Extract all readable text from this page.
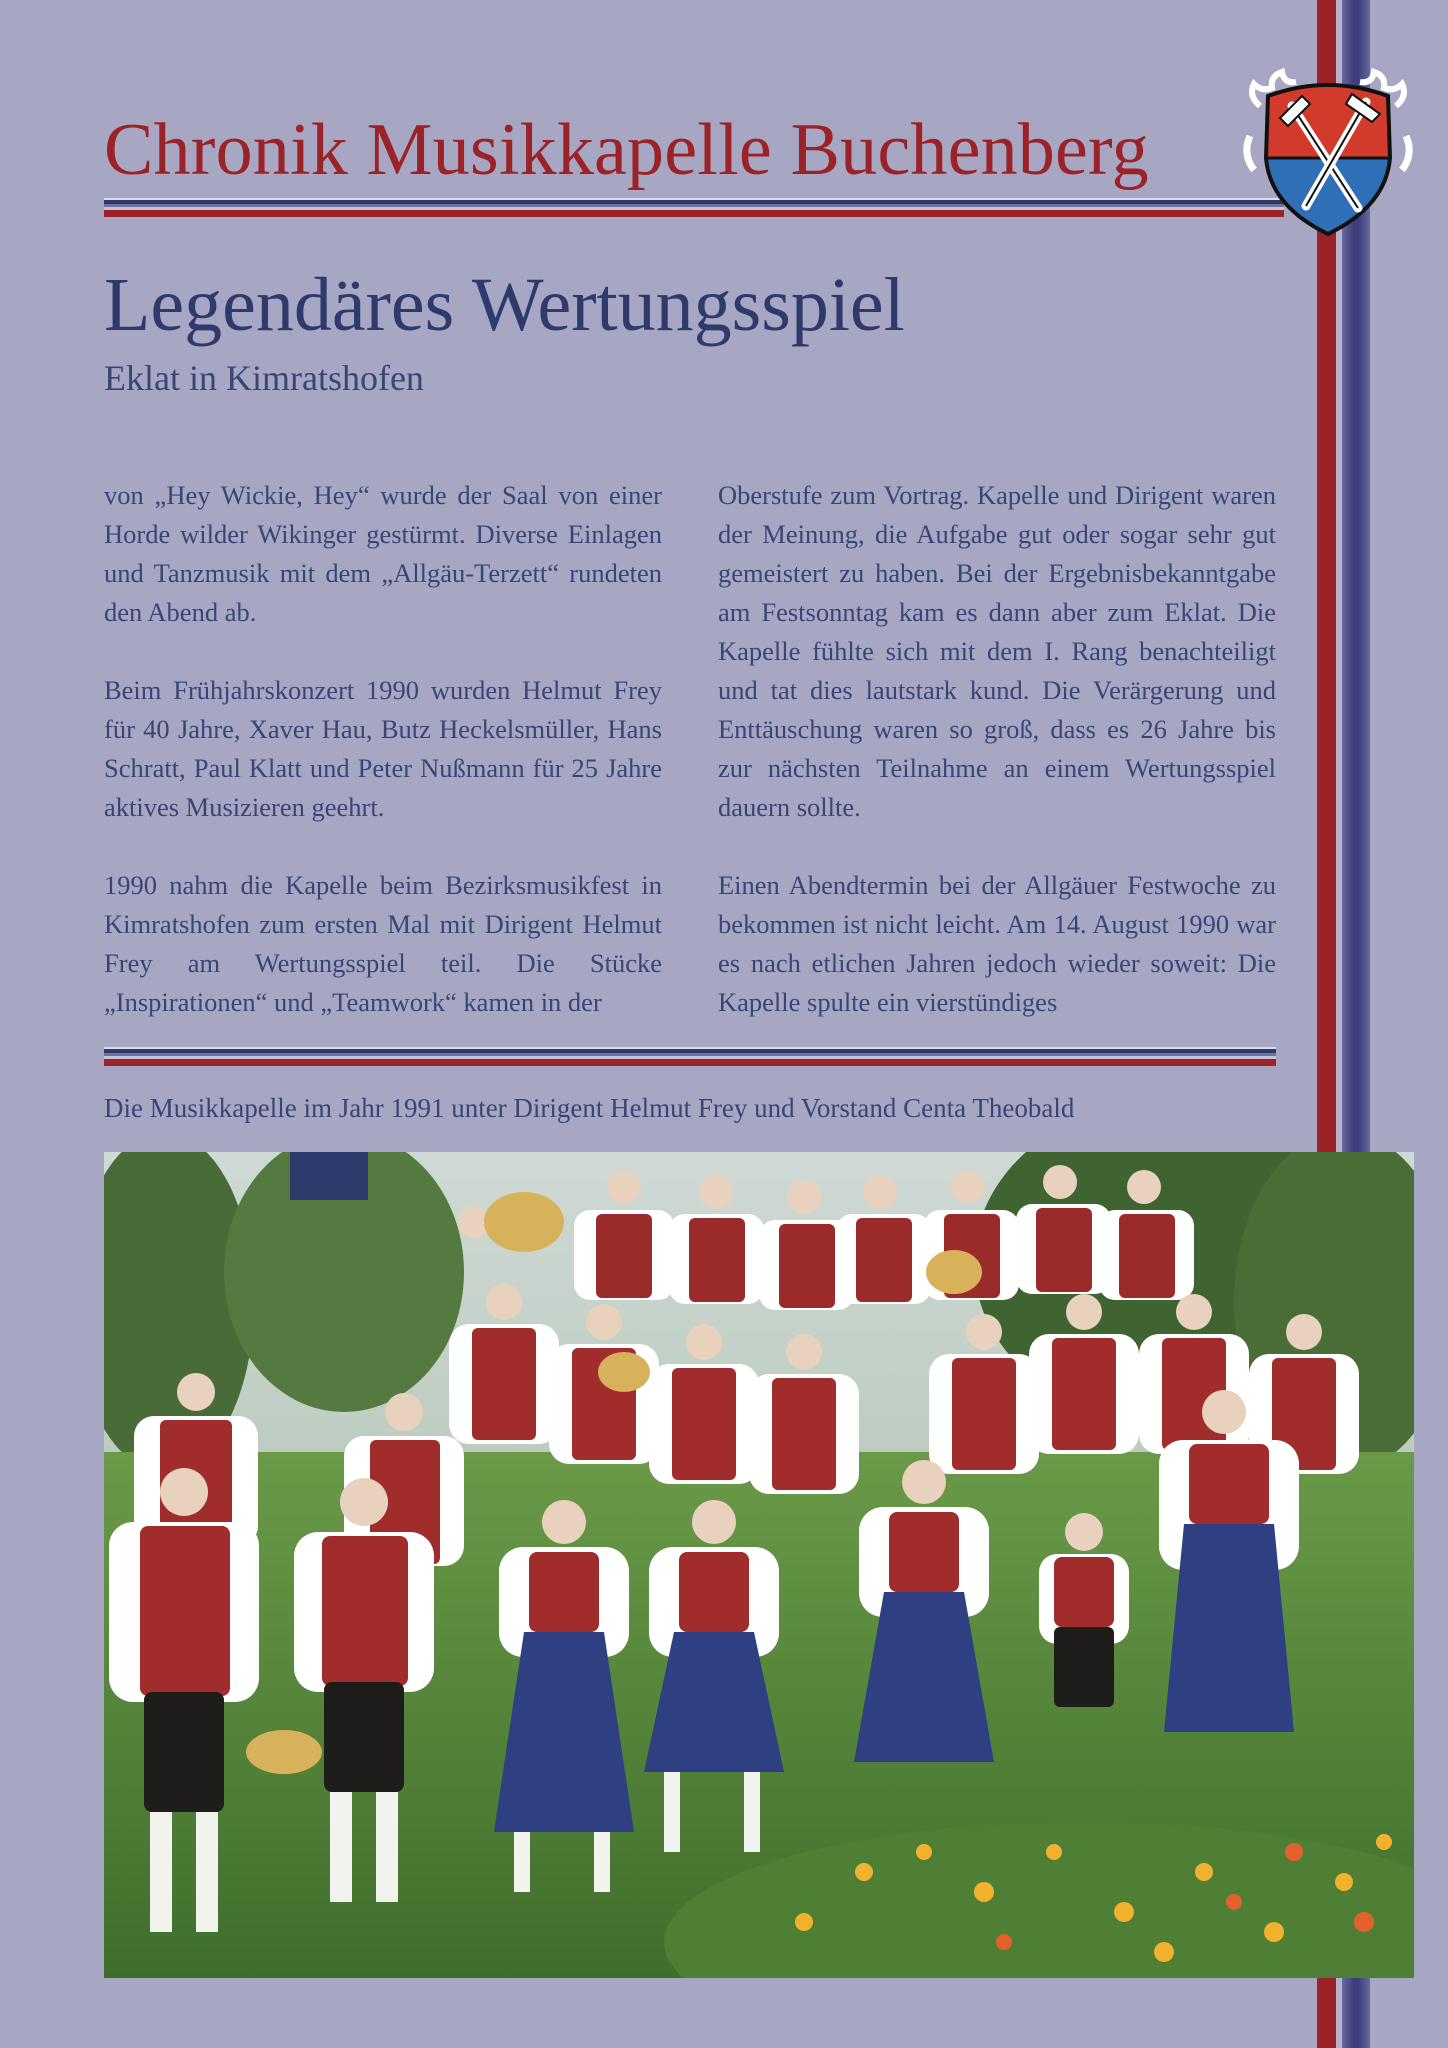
Chronik Musikkapelle Buchenberg
Legendäres Wertungsspiel
Eklat in Kimratshofen

von „Hey Wickie, Hey“ wurde der Saal von einer Horde wilder Wikinger gestürmt. Diverse Einlagen und Tanzmusik mit dem „Allgäu-Terzett“ rundeten den Abend ab.

Beim Frühjahrskonzert 1990 wurden Helmut Frey für 40 Jahre, Xaver Hau, Butz Heckelsmüller, Hans Schratt, Paul Klatt und Peter Nußmann für 25 Jahre aktives Musizieren geehrt.

1990 nahm die Kapelle beim Bezirksmusikfest in Kimratshofen zum ersten Mal mit Dirigent Helmut Frey am Wertungsspiel teil. Die Stücke „Inspirationen“ und „Teamwork“ kamen in der

Oberstufe zum Vortrag. Kapelle und Dirigent waren der Meinung, die Aufgabe gut oder sogar sehr gut gemeistert zu haben. Bei der Ergebnisbekanntgabe am Festsonntag kam es dann aber zum Eklat. Die Kapelle fühlte sich mit dem I. Rang benachteiligt und tat dies lautstark kund. Die Verärgerung und Enttäuschung waren so groß, dass es 26 Jahre bis zur nächsten Teilnahme an einem Wertungsspiel dauern sollte.

Einen Abendtermin bei der Allgäuer Festwoche zu bekommen ist nicht leicht. Am 14. August 1990 war es nach etlichen Jahren jedoch wieder soweit: Die Kapelle spulte ein vierstündiges

Die Musikkapelle im Jahr 1991 unter Dirigent Helmut Frey und Vorstand Centa Theobald
